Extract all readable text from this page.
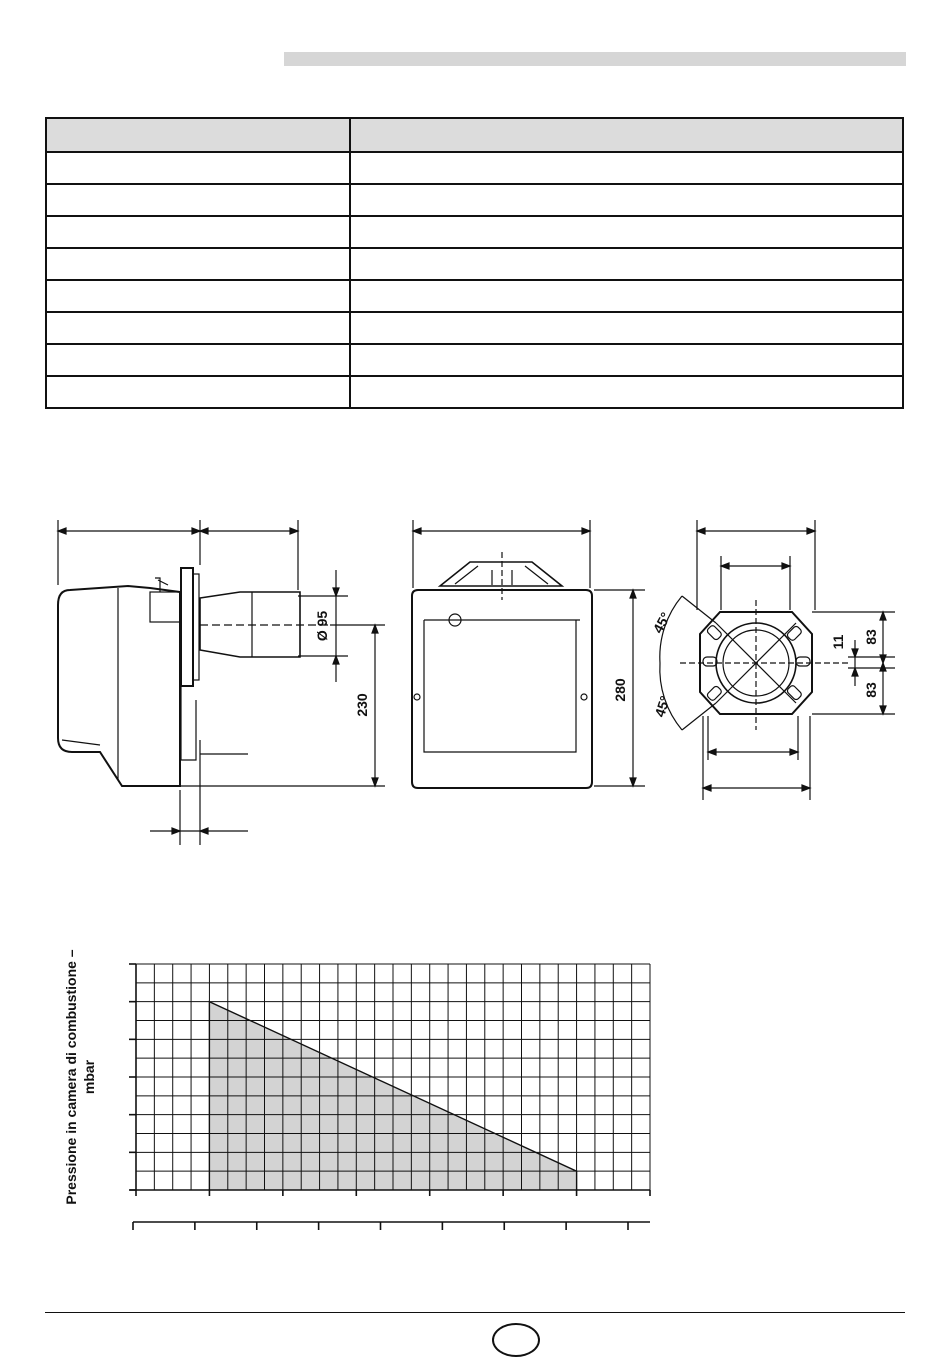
Ø 95
230
280
45°
45°
11 83
83
Pressione in camera di combustione – mbar
